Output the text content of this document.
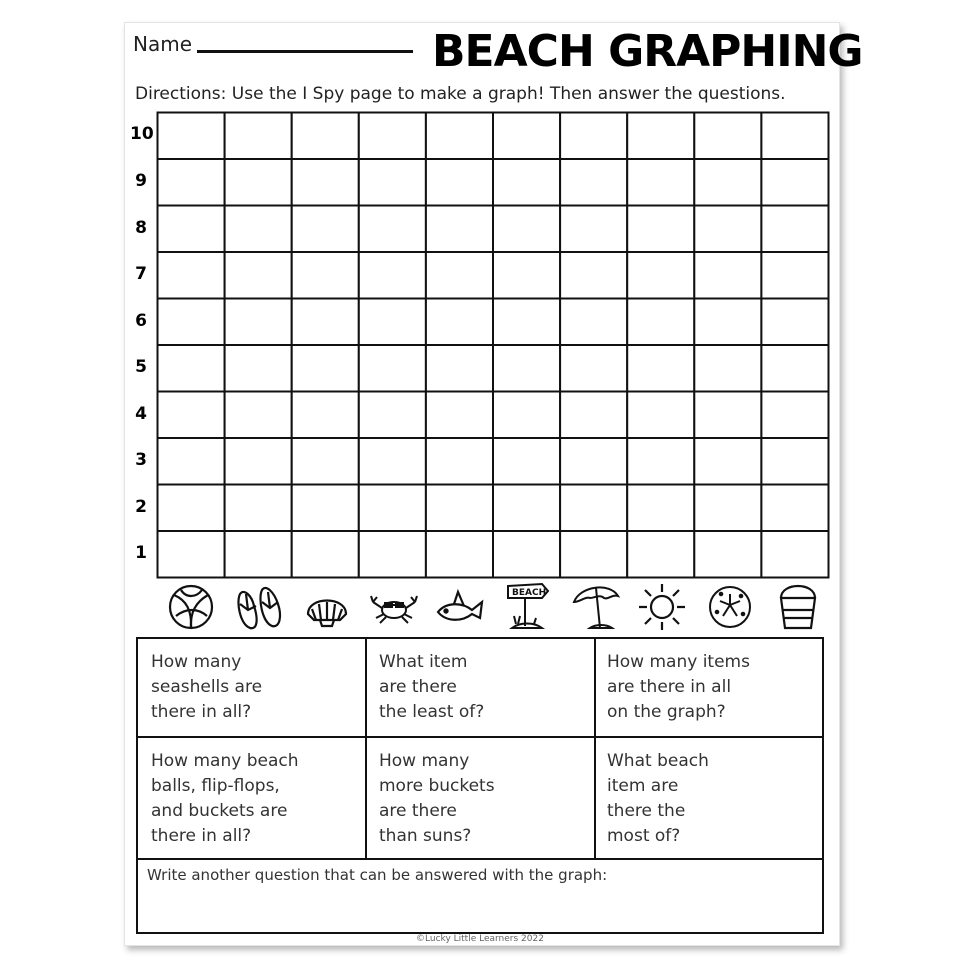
Name	BEACH GRAPHING
Directions: Use the I Spy page to make a graph! Then answer the questions.
10
9
8
7
6
5
4
3
2
1
BEACH
How many
seashells are
there in all?
What item
are there
the least of?
How many items
are there in all
on the graph?
How many beach
balls, flip-flops,
and buckets are
there in all?
How many
more buckets
are there
than suns?
What beach
item are
there the
most of?
Write another question that can be answered with the graph:
©Lucky Little Learners 2022
